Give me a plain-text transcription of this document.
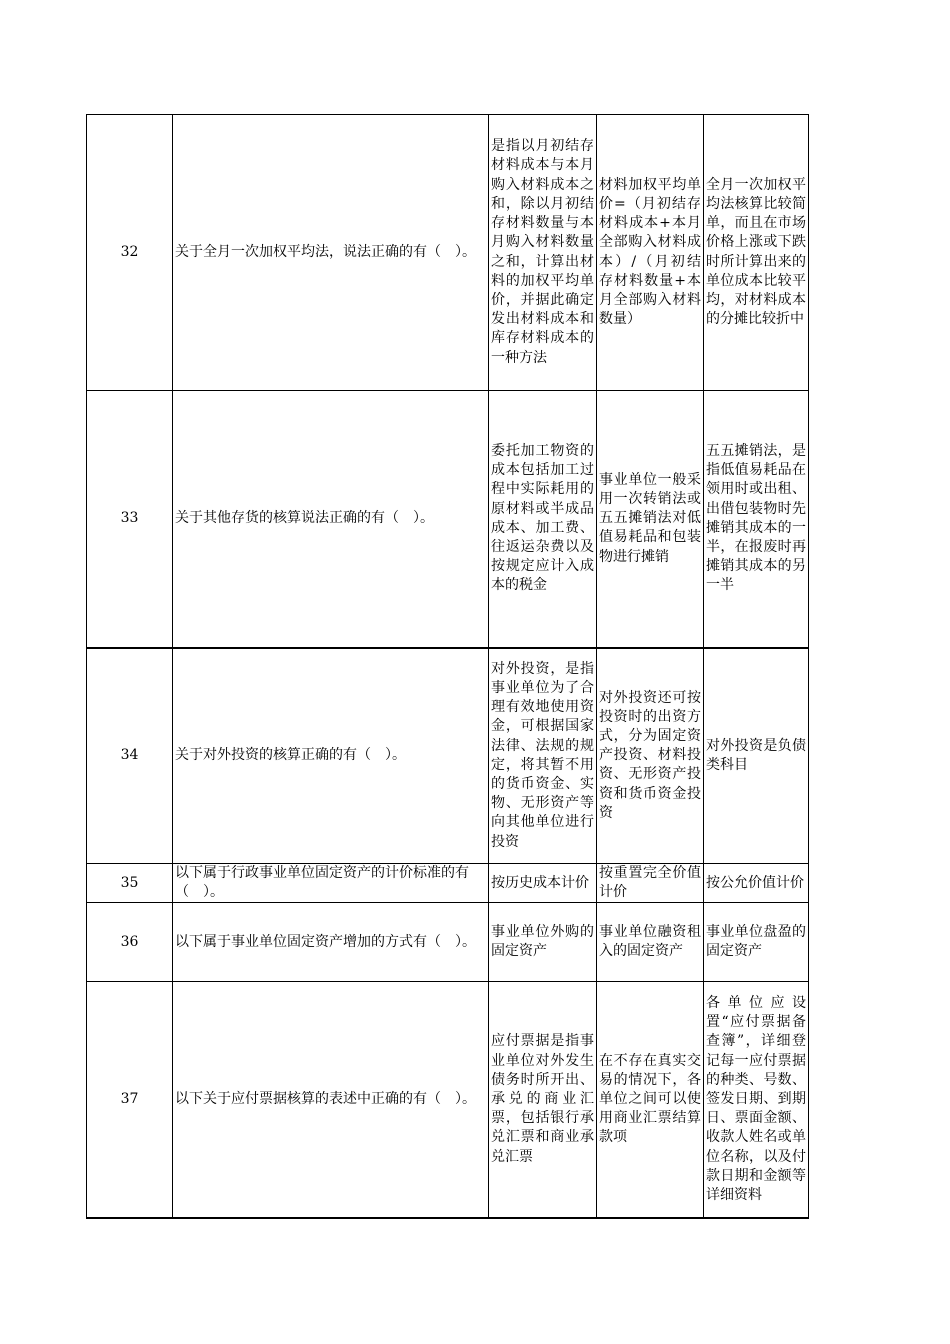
32	关于全月一次加权平均法，说法正确的有（　）。	是指以月初结存材料成本与本月购入材料成本之和，除以月初结存材料数量与本月购入材料数量之和，计算出材料的加权平均单价，并据此确定发出材料成本和库存材料成本的一种方法	材料加权平均单价=（月初结存材料成本+本月全部购入材料成本）/（月初结存材料数量+本月全部购入材料数量）	全月一次加权平均法核算比较简单，而且在市场价格上涨或下跌时所计算出来的单位成本比较平均，对材料成本的分摊比较折中
33	关于其他存货的核算说法正确的有（　）。	委托加工物资的成本包括加工过程中实际耗用的原材料或半成品成本、加工费、往返运杂费以及按规定应计入成本的税金	事业单位一般采用一次转销法或五五摊销法对低值易耗品和包装物进行摊销	五五摊销法，是指低值易耗品在领用时或出租、出借包装物时先摊销其成本的一半，在报废时再摊销其成本的另一半
34	关于对外投资的核算正确的有（　）。	对外投资，是指事业单位为了合理有效地使用资金，可根据国家法律、法规的规定，将其暂不用的货币资金、实物、无形资产等向其他单位进行投资	对外投资还可按投资时的出资方式，分为固定资产投资、材料投资、无形资产投资和货币资金投资	对外投资是负债类科目
35	以下属于行政事业单位固定资产的计价标准的有（　）。	按历史成本计价	按重置完全价值计价	按公允价值计价
36	以下属于事业单位固定资产增加的方式有（　）。	事业单位外购的固定资产	事业单位融资租入的固定资产	事业单位盘盈的固定资产
37	以下关于应付票据核算的表述中正确的有（　）。	应付票据是指事业单位对外发生债务时所开出、承兑的商业汇票，包括银行承兑汇票和商业承兑汇票	在不存在真实交易的情况下，各单位之间可以使用商业汇票结算款项	各单位应设置“应付票据备查簿”，详细登记每一应付票据的种类、号数、签发日期、到期日、票面金额、收款人姓名或单位名称，以及付款日期和金额等详细资料
